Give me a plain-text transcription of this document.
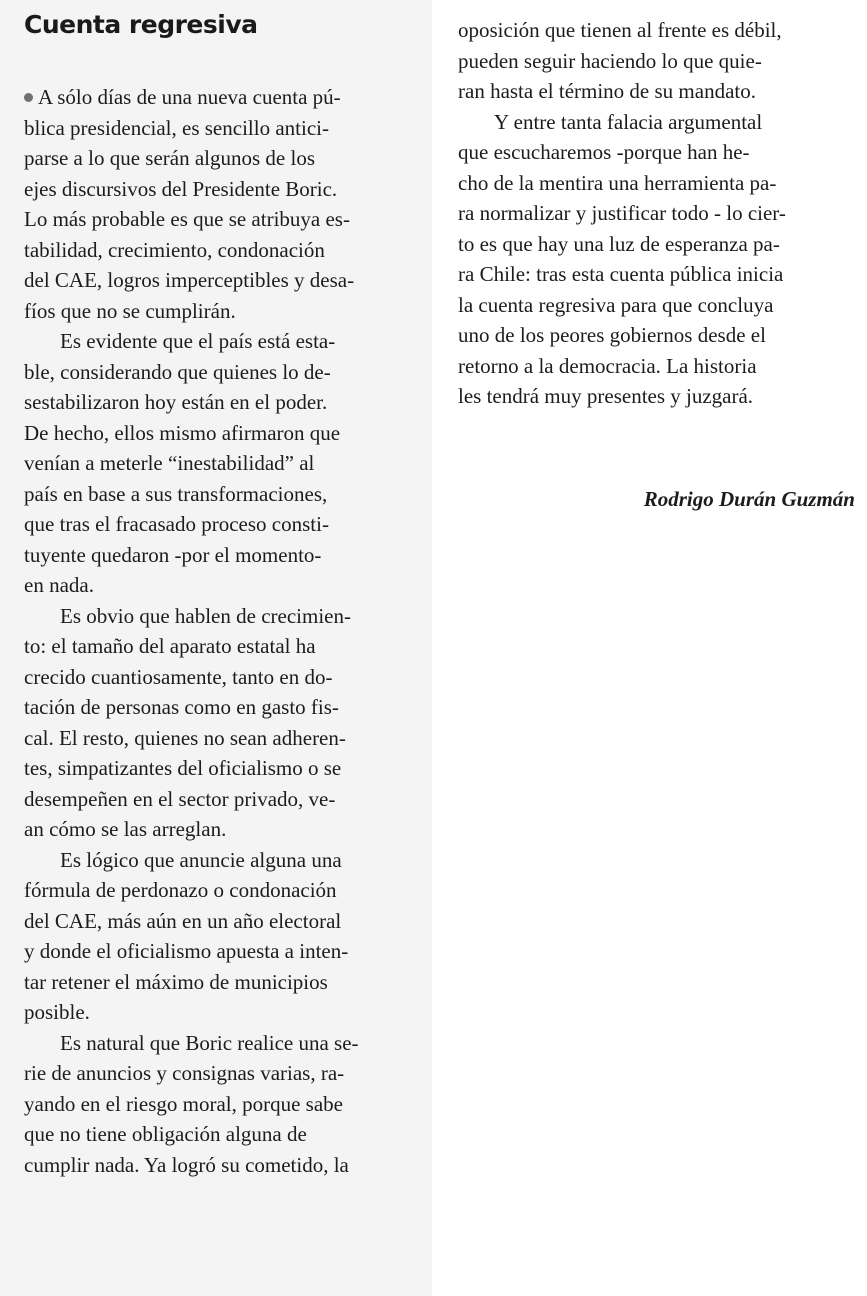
Cuenta regresiva
A sólo días de una nueva cuenta pú-
blica presidencial, es sencillo antici-
parse a lo que serán algunos de los
ejes discursivos del Presidente Boric.
Lo más probable es que se atribuya es-
tabilidad, crecimiento, condonación
del CAE, logros imperceptibles y desa-
fíos que no se cumplirán.
Es evidente que el país está esta-
ble, considerando que quienes lo de-
sestabilizaron hoy están en el poder.
De hecho, ellos mismo afirmaron que
venían a meterle “inestabilidad” al
país en base a sus transformaciones,
que tras el fracasado proceso consti-
tuyente quedaron -por el momento-
en nada.
Es obvio que hablen de crecimien-
to: el tamaño del aparato estatal ha
crecido cuantiosamente, tanto en do-
tación de personas como en gasto fis-
cal. El resto, quienes no sean adheren-
tes, simpatizantes del oficialismo o se
desempeñen en el sector privado, ve-
an cómo se las arreglan.
Es lógico que anuncie alguna una
fórmula de perdonazo o condonación
del CAE, más aún en un año electoral
y donde el oficialismo apuesta a inten-
tar retener el máximo de municipios
posible.
Es natural que Boric realice una se-
rie de anuncios y consignas varias, ra-
yando en el riesgo moral, porque sabe
que no tiene obligación alguna de
cumplir nada. Ya logró su cometido, la
oposición que tienen al frente es débil,
pueden seguir haciendo lo que quie-
ran hasta el término de su mandato.
Y entre tanta falacia argumental
que escucharemos -porque han he-
cho de la mentira una herramienta pa-
ra normalizar y justificar todo - lo cier-
to es que hay una luz de esperanza pa-
ra Chile: tras esta cuenta pública inicia
la cuenta regresiva para que concluya
uno de los peores gobiernos desde el
retorno a la democracia. La historia
les tendrá muy presentes y juzgará.
Rodrigo Durán Guzmán
